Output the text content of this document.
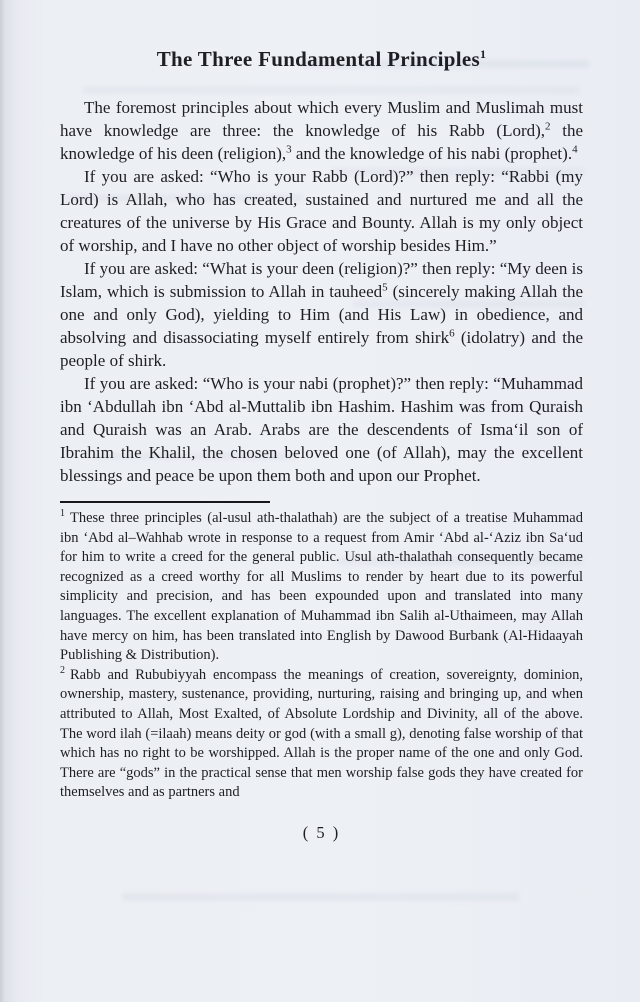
The Three Fundamental Principles$^1$

The foremost principles about which every Muslim and Muslimah must have knowledge are three: the knowledge of his Rabb (Lord),$^2$ the knowledge of his deen (religion),$^3$ and the knowledge of his nabi (prophet).$^4$

If you are asked: “Who is your Rabb (Lord)?” then reply: “Rabbi (my Lord) is Allah, who has created, sustained and nurtured me and all the creatures of the universe by His Grace and Bounty. Allah is my only object of worship, and I have no other object of worship besides Him.”

If you are asked: “What is your deen (religion)?” then reply: “My deen is Islam, which is submission to Allah in tauheed$^5$ (sincerely making Allah the one and only God), yielding to Him (and His Law) in obedience, and absolving and disassociating myself entirely from shirk$^6$ (idolatry) and the people of shirk.

If you are asked: “Who is your nabi (prophet)?” then reply: “Muhammad ibn ‘Abdullah ibn ‘Abd al-Muttalib ibn Hashim. Hashim was from Quraish and Quraish was an Arab. Arabs are the descendents of Isma‘il son of Ibrahim the Khalil, the chosen beloved one (of Allah), may the excellent blessings and peace be upon them both and upon our Prophet.

$^1$ These three principles (al-usul ath-thalathah) are the subject of a treatise Muhammad ibn ‘Abd al–Wahhab wrote in response to a request from Amir ‘Abd al-‘Aziz ibn Sa‘ud for him to write a creed for the general public. Usul ath-thalathah consequently became recognized as a creed worthy for all Muslims to render by heart due to its powerful simplicity and precision, and has been expounded upon and translated into many languages. The excellent explanation of Muhammad ibn Salih al-Uthaimeen, may Allah have mercy on him, has been translated into English by Dawood Burbank (Al-Hidaayah Publishing & Distribution).

$^2$ Rabb and Rububiyyah encompass the meanings of creation, sovereignty, dominion, ownership, mastery, sustenance, providing, nurturing, raising and bringing up, and when attributed to Allah, Most Exalted, of Absolute Lordship and Divinity, all of the above. The word ilah (=ilaah) means deity or god (with a small g), denoting false worship of that which has no right to be worshipped. Allah is the proper name of the one and only God. There are “gods” in the practical sense that men worship false gods they have created for themselves and as partners and

( 5 )
